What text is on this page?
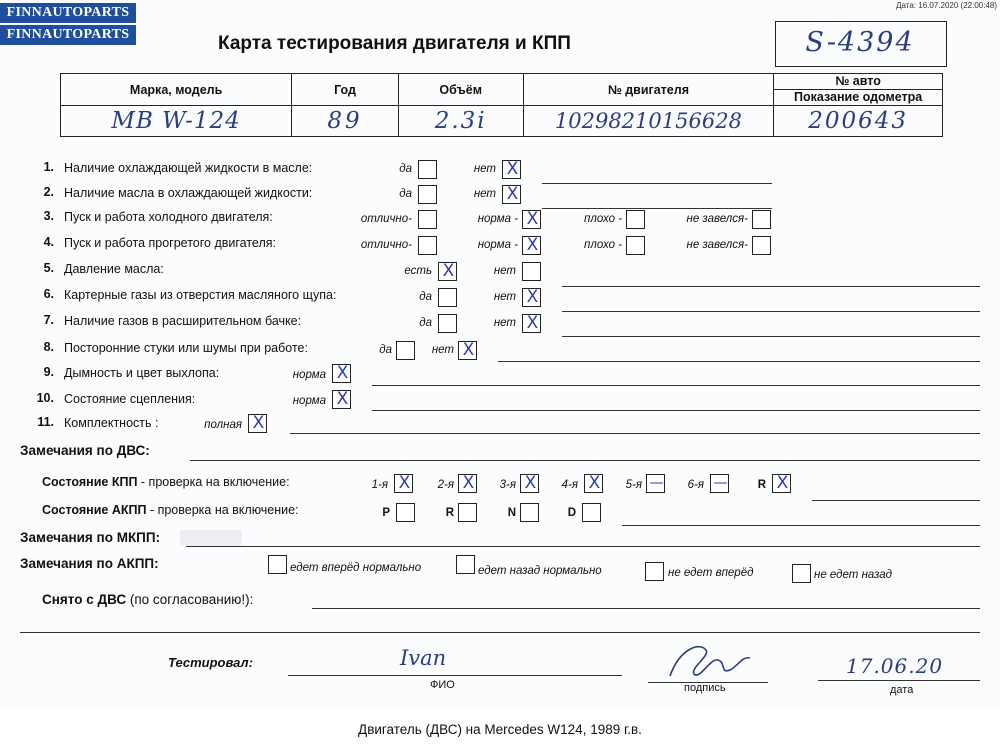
FINNAUTOPARTS
FINNAUTOPARTS
Дата: 16.07.2020 (22:00:48)
Карта тестирования двигателя и КПП	S-4394
Марка, модель	Год	Объём	№ двигателя	№ авто
Показание одометра

МВ W-124	89	2.3i	10298210156628	200643
1. Наличие охлаждающей жидкости в масле:	да	нет X
2. Наличие масла в охлаждающей жидкости:	да	нет X
3. Пуск и работа холодного двигателя:	отлично-	норма - X	плохо -	не завелся-
4. Пуск и работа прогретого двигателя:	отлично-	норма - X	плохо -	не завелся-
5. Давление масла:	есть X	нет
6. Картерные газы из отверстия масляного щупа:	да	нет X
7. Наличие газов в расширительном бачке:	да	нет X
8. Посторонние стуки или шумы при работе:	да	нет X
9. Дымность и цвет выхлопа:	норма X
10. Состояние сцепления:	норма X
11. Комплектность :	полная X
Замечания по ДВС:
Состояние КПП - проверка на включение:	1-я X	2-я X	3-я X	4-я X	5-я —	6-я —	R X
Состояние АКПП - проверка на включение:	P	R	N	D
Замечания по МКПП:
Замечания по АКПП:	едет вперёд нормально	едет назад нормально	не едет вперёд	не едет назад
Снято с ДВС (по согласованию!):
Тестировал:	Ivan
ФИО	подпись
17.06.20
дата
Двигатель (ДВС) на Mercedes W124, 1989 г.в.
